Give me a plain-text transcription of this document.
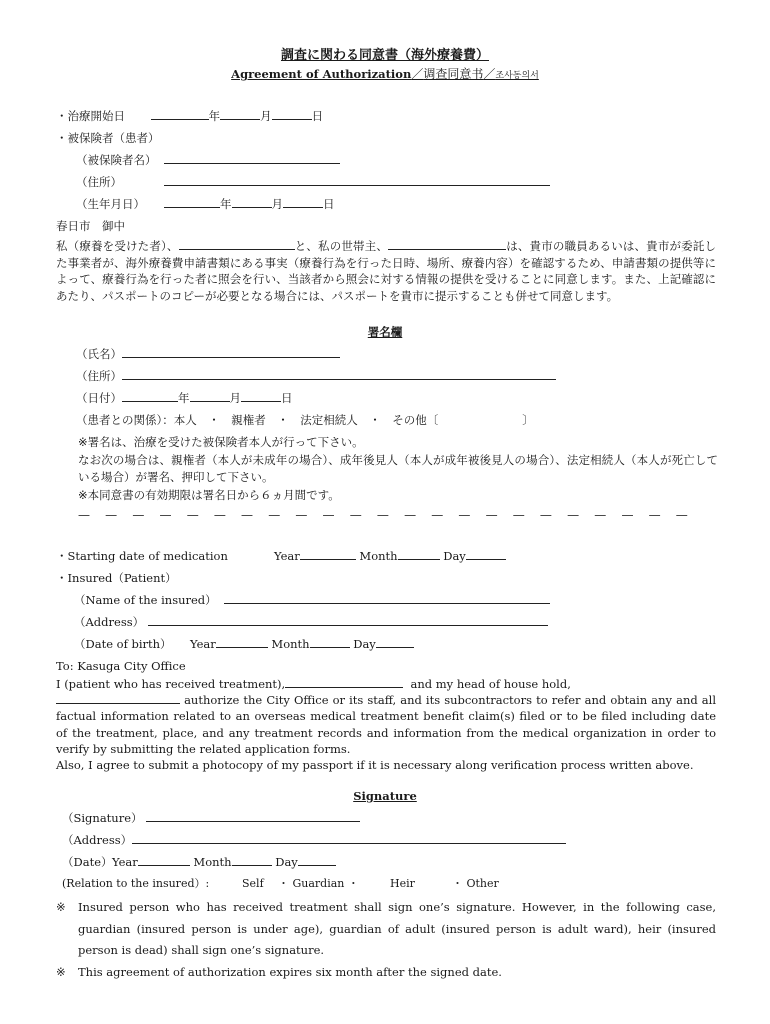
調査に関わる同意書（海外療養費）
Agreement of Authorization／调查同意书／조사동의서
・治療開始日	年	月	日
・被保険者（患者）
（被保険者名）
（住所）
（生年月日）	年	月	日
春日市　御中
私（療養を受けた者）、	と、私の世帯主、	は、貴市の職員あるいは、貴市が委託した事業者が、海外療養費申請書類にある事実（療養行為を行った日時、場所、療養内容）を確認するため、申請書類の提供等によって、療養行為を行った者に照会を行い、当該者から照会に対する情報の提供を受けることに同意します。また、上記確認にあたり、パスポートのコピーが必要となる場合には、パスポートを貴市に提示することも併せて同意します。
署名欄
（氏名）
（住所）
（日付）	年	月	日
（患者との関係）：本人　・　親権者　・　法定相続人　・　その他〔	〕
※署名は、治療を受けた被保険者本人が行って下さい。
なお次の場合は、親権者（本人が未成年の場合）、成年後見人（本人が成年被後見人の場合）、法定相続人（本人が死亡している場合）が署名、押印して下さい。
※本同意書の有効期限は署名日から６ヵ月間です。
— — — — — — — — — — — — — — — — — — — — — — —
・Starting date of medication	Year	Month	Day
・Insured（Patient）
（Name of the insured）
（Address）
（Date of birth） Year	Month	Day
To: Kasuga City Office
I (patient who has received treatment),	and my head of house hold,
authorize the City Office or its staff, and its subcontractors to refer and obtain any and all factual information related to an overseas medical treatment benefit claim(s) filed or to be filed including date of the treatment, place, and any treatment records and information from the medical organization in order to verify by submitting the related application forms.
Also, I agree to submit a photocopy of my passport if it is necessary along verification process written above.
Signature
（Signature）
（Address）
（Date）Year	Month	Day
(Relation to the insured）:	Self ・ Guardian ・	Heir	・ Other
※ Insured person who has received treatment shall sign one’s signature. However, in the following case, guardian (insured person is under age), guardian of adult (insured person is adult ward), heir (insured person is dead) shall sign one’s signature.
※ This agreement of authorization expires six month after the signed date.
